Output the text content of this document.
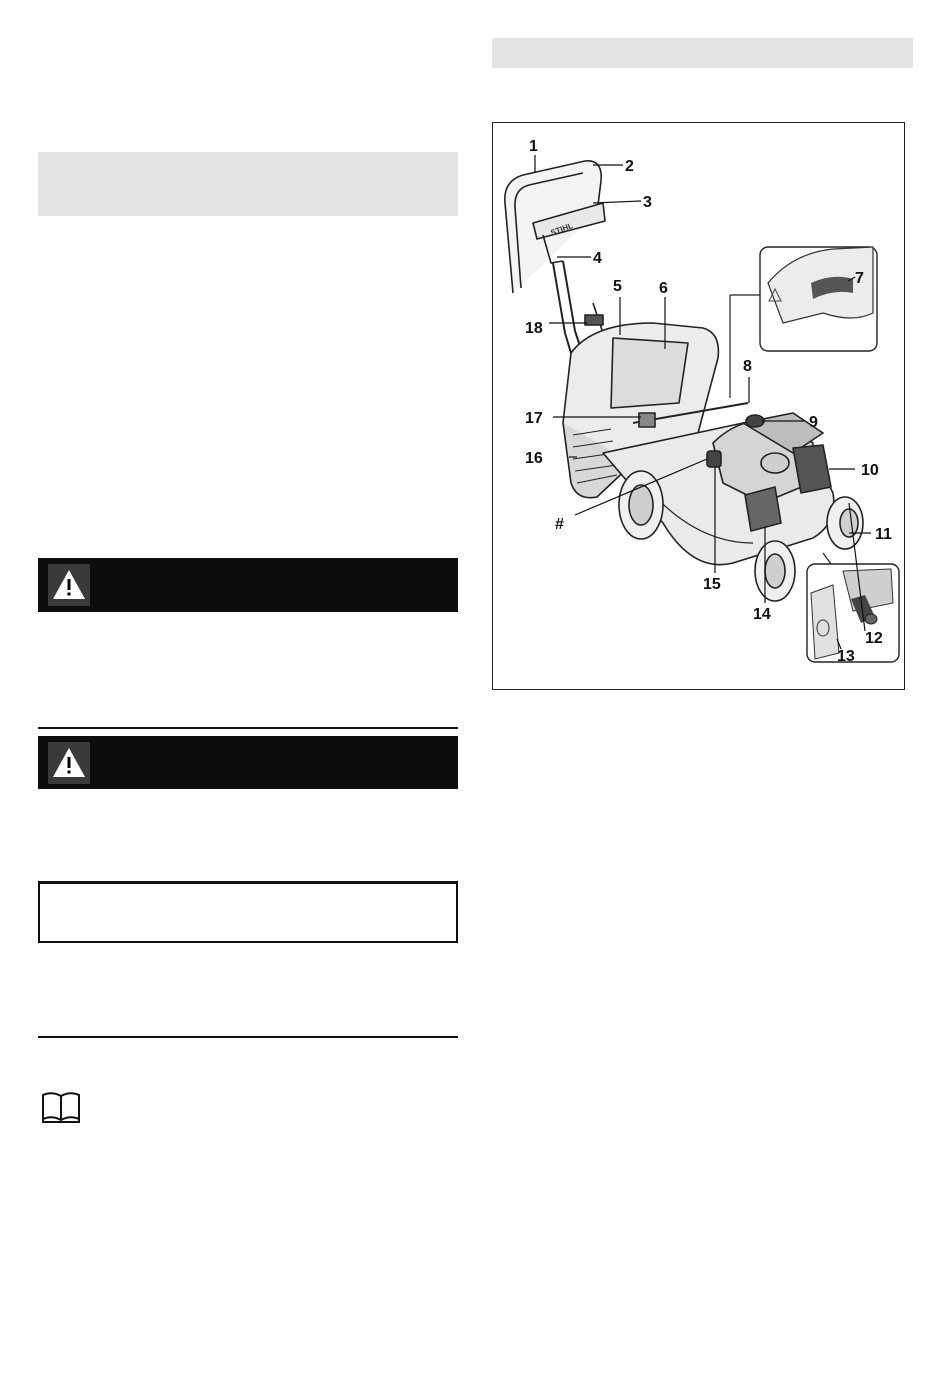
1
2
3
4
5 6
7
8
9
10
11
12
13
14
15
16
17
18
#
STIHL
